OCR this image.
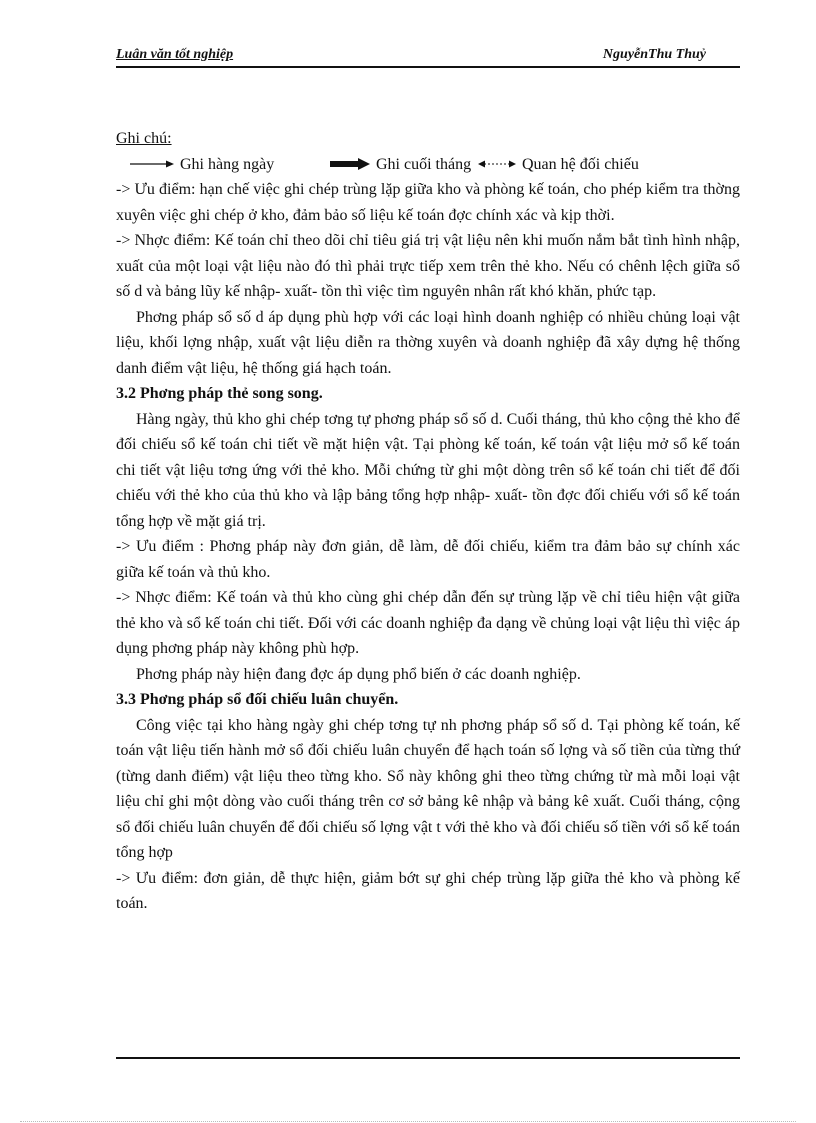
Luân văn tốt nghiệp	NguyễnThu Thuỷ
Ghi chú:
Ghi hàng ngày	Ghi cuối tháng	Quan hệ đối chiếu

-> Ưu điểm: hạn chế việc ghi chép trùng lặp giữa kho và phòng kế toán, cho phép kiểm tra thờng xuyên việc ghi chép ở kho, đảm bảo số liệu kế toán đợc chính xác và kịp thời.

-> Nhợc điểm: Kế toán chỉ theo dõi chỉ tiêu giá trị vật liệu nên khi muốn nắm bắt tình hình nhập, xuất của một loại vật liệu nào đó thì phải trực tiếp xem trên thẻ kho. Nếu có chênh lệch giữa sổ số d và bảng lũy kế nhập- xuất- tồn thì việc tìm nguyên nhân rất khó khăn, phức tạp.

Phơng pháp sổ số d áp dụng phù hợp với các loại hình doanh nghiệp có nhiều chủng loại vật liệu, khối lợng nhập, xuất vật liệu diễn ra thờng xuyên và doanh nghiệp đã xây dựng hệ thống danh điểm vật liệu, hệ thống giá hạch toán.

3.2 Phơng pháp thẻ song song.

Hàng ngày, thủ kho ghi chép tơng tự phơng pháp sổ số d. Cuối tháng, thủ kho cộng thẻ kho để đối chiếu sổ kế toán chi tiết về mặt hiện vật. Tại phòng kế toán, kế toán vật liệu mở sổ kế toán chi tiết vật liệu tơng ứng với thẻ kho. Mỗi chứng từ ghi một dòng trên sổ kế toán chi tiết để đối chiếu với thẻ kho của thủ kho và lập bảng tổng hợp nhập- xuất- tồn đợc đối chiếu với sổ kế toán tổng hợp về mặt giá trị.

-> Ưu điểm : Phơng pháp này đơn giản, dễ làm, dễ đối chiếu, kiểm tra đảm bảo sự chính xác giữa kế toán và thủ kho.

-> Nhợc điểm: Kế toán và thủ kho cùng ghi chép dẫn đến sự trùng lặp về chỉ tiêu hiện vật giữa thẻ kho và sổ kế toán chi tiết. Đối với các doanh nghiệp đa dạng về chủng loại vật liệu thì việc áp dụng phơng pháp này không phù hợp.

Phơng pháp này hiện đang đợc áp dụng phổ biến ở các doanh nghiệp.

3.3 Phơng pháp sổ đối chiếu luân chuyển.

Công việc tại kho hàng ngày ghi chép tơng tự nh phơng pháp sổ số d. Tại phòng kế toán, kế toán vật liệu tiến hành mở sổ đối chiếu luân chuyển để hạch toán số lợng và số tiền của từng thứ (từng danh điểm) vật liệu theo từng kho. Sổ này không ghi theo từng chứng từ mà mỗi loại vật liệu chỉ ghi một dòng vào cuối tháng trên cơ sở bảng kê nhập và bảng kê xuất. Cuối tháng, cộng sổ đối chiếu luân chuyển để đối chiếu số lợng vật t với thẻ kho và đối chiếu số tiền với sổ kế toán tổng hợp

-> Ưu điểm: đơn giản, dễ thực hiện, giảm bớt sự ghi chép trùng lặp giữa thẻ kho và phòng kế toán.
